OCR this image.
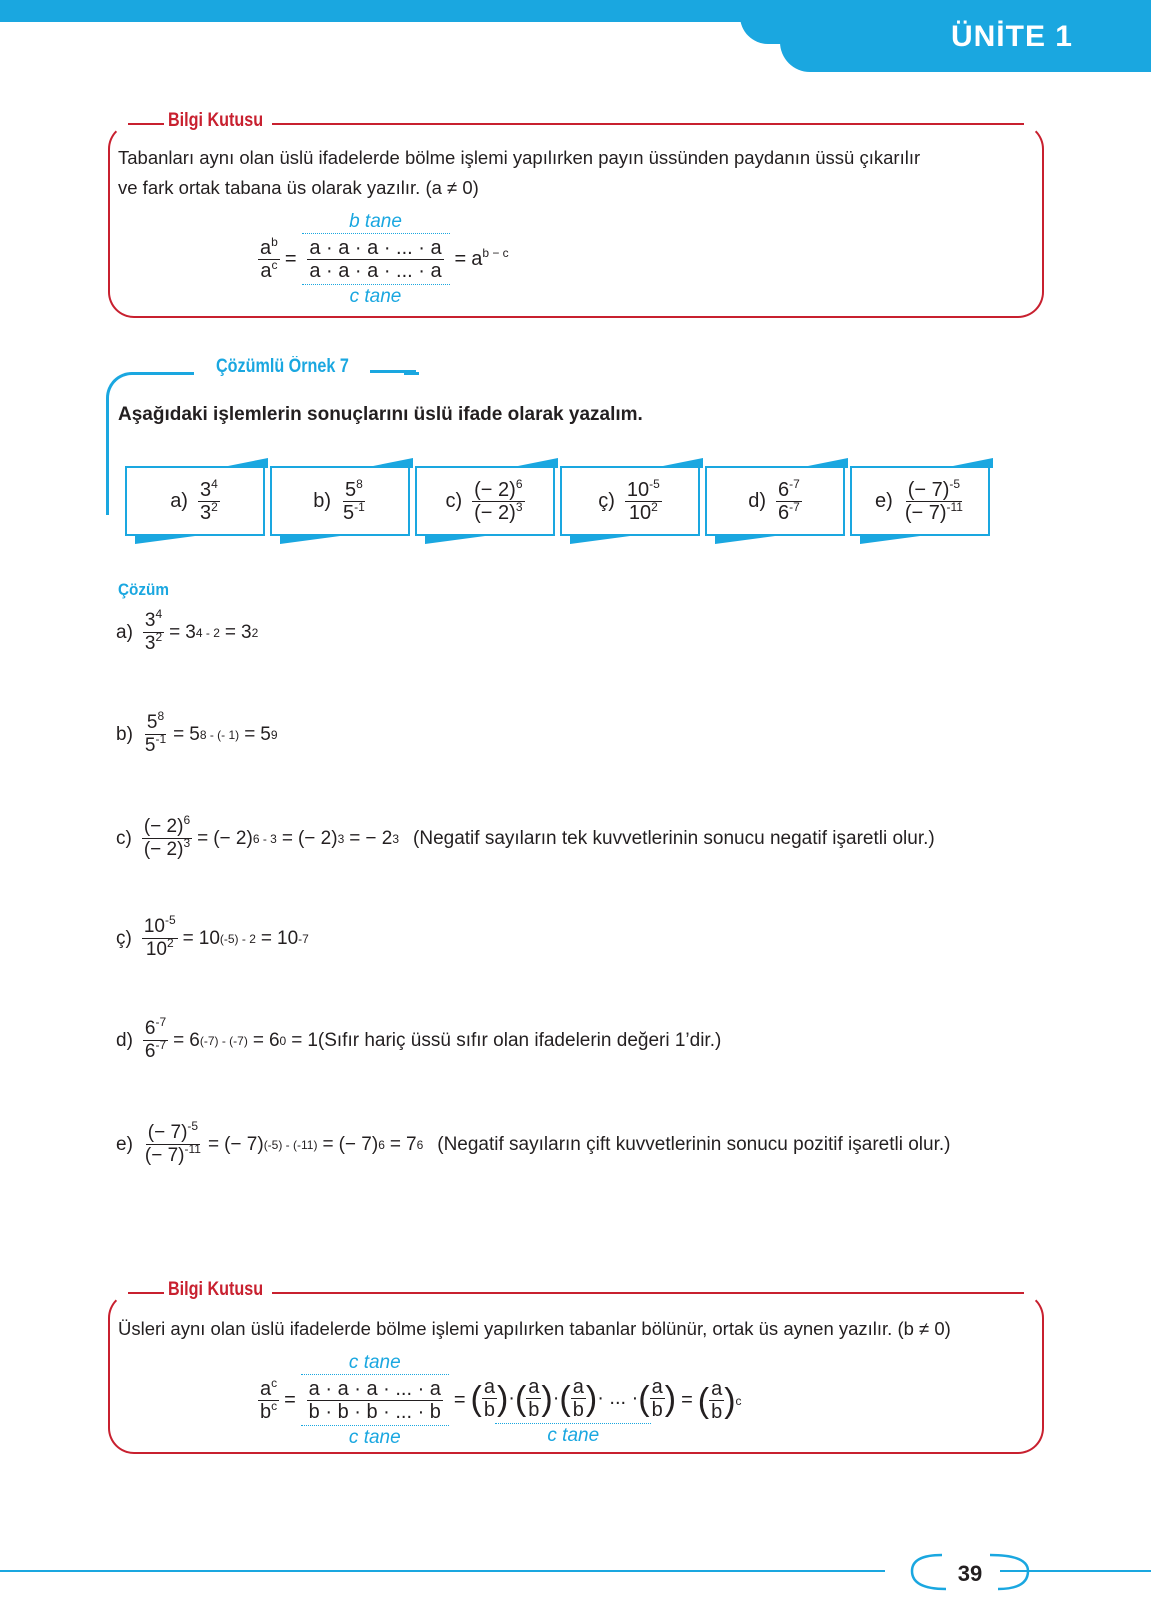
ÜNİTE 1
Bilgi Kutusu
Tabanları aynı olan üslü ifadelerde bölme işlemi yapılırken payın üssünden paydanın üssü çıkarılır
ve fark ortak tabana üs olarak yazılır. (a ≠ 0)
$\frac{a^b}{a^c}$ =
b tane
$\frac{a \cdot a \cdot a \cdot ... \cdot a}{a \cdot a \cdot a \cdot ... \cdot a}$
c tane
= $a^{b - c}$
Çözümlü Örnek 7
Aşağıdaki işlemlerin sonuçlarını üslü ifade olarak yazalım.
$a) \frac{3^4}{3^2}$	$b) \frac{5^8}{5^{-1}}$	$c) \frac{(- 2)^6}{(- 2)^3}$	ç) $\frac{10^{-5}}{10^2}$	$d) \frac{6^{-7}}{6^{-7}}$	$e) \frac{(- 7)^{-5}}{(- 7)^{-11}}$
Çözüm
$a) \frac{3^4}{3^2} = 3$ 4 - 2 = 3 2
$b) \frac{5^8}{5^{-1}} = 5$ 8 - (- 1) = 5 9
$c) \frac{(- 2)^6}{(- 2)^3}$ = (− 2) 6 - 3 = (− 2) 3 = − 2 3 (Negatif sayıların tek kuvvetlerinin sonucu negatif işaretli olur.)
ç) $\frac{10^{-5}}{10^2} = 10$ (-5) - 2 = 10 -7
$d) \frac{6^{-7}}{6^{-7}} = 6$ (-7) - (-7) = 6 0 = 1 (Sıfır hariç üssü sıfır olan ifadelerin değeri 1’dir.)
$e) \frac{(- 7)^{-5}}{(- 7)^{-11}}$ = (− 7) (-5) - (-11) = (− 7) 6 = 7 6 (Negatif sayıların çift kuvvetlerinin sonucu pozitif işaretli olur.)
Bilgi Kutusu
Üsleri aynı olan üslü ifadelerde bölme işlemi yapılırken tabanlar bölünür, ortak üs aynen yazılır. (b ≠ 0)
$\frac{a^c}{b^c}$ =
c tane
$\frac{a \cdot a \cdot a \cdot ... \cdot a}{b \cdot b \cdot b \cdot ... \cdot b}$
c tane
= ( $\frac{a}{b}$ ) · ( $\frac{a}{b}$ ) · ( $\frac{a}{b}$ ) · ... · ( $\frac{a}{b}$ )
c tane
= ( $\frac{a}{b}$ ) c
39
